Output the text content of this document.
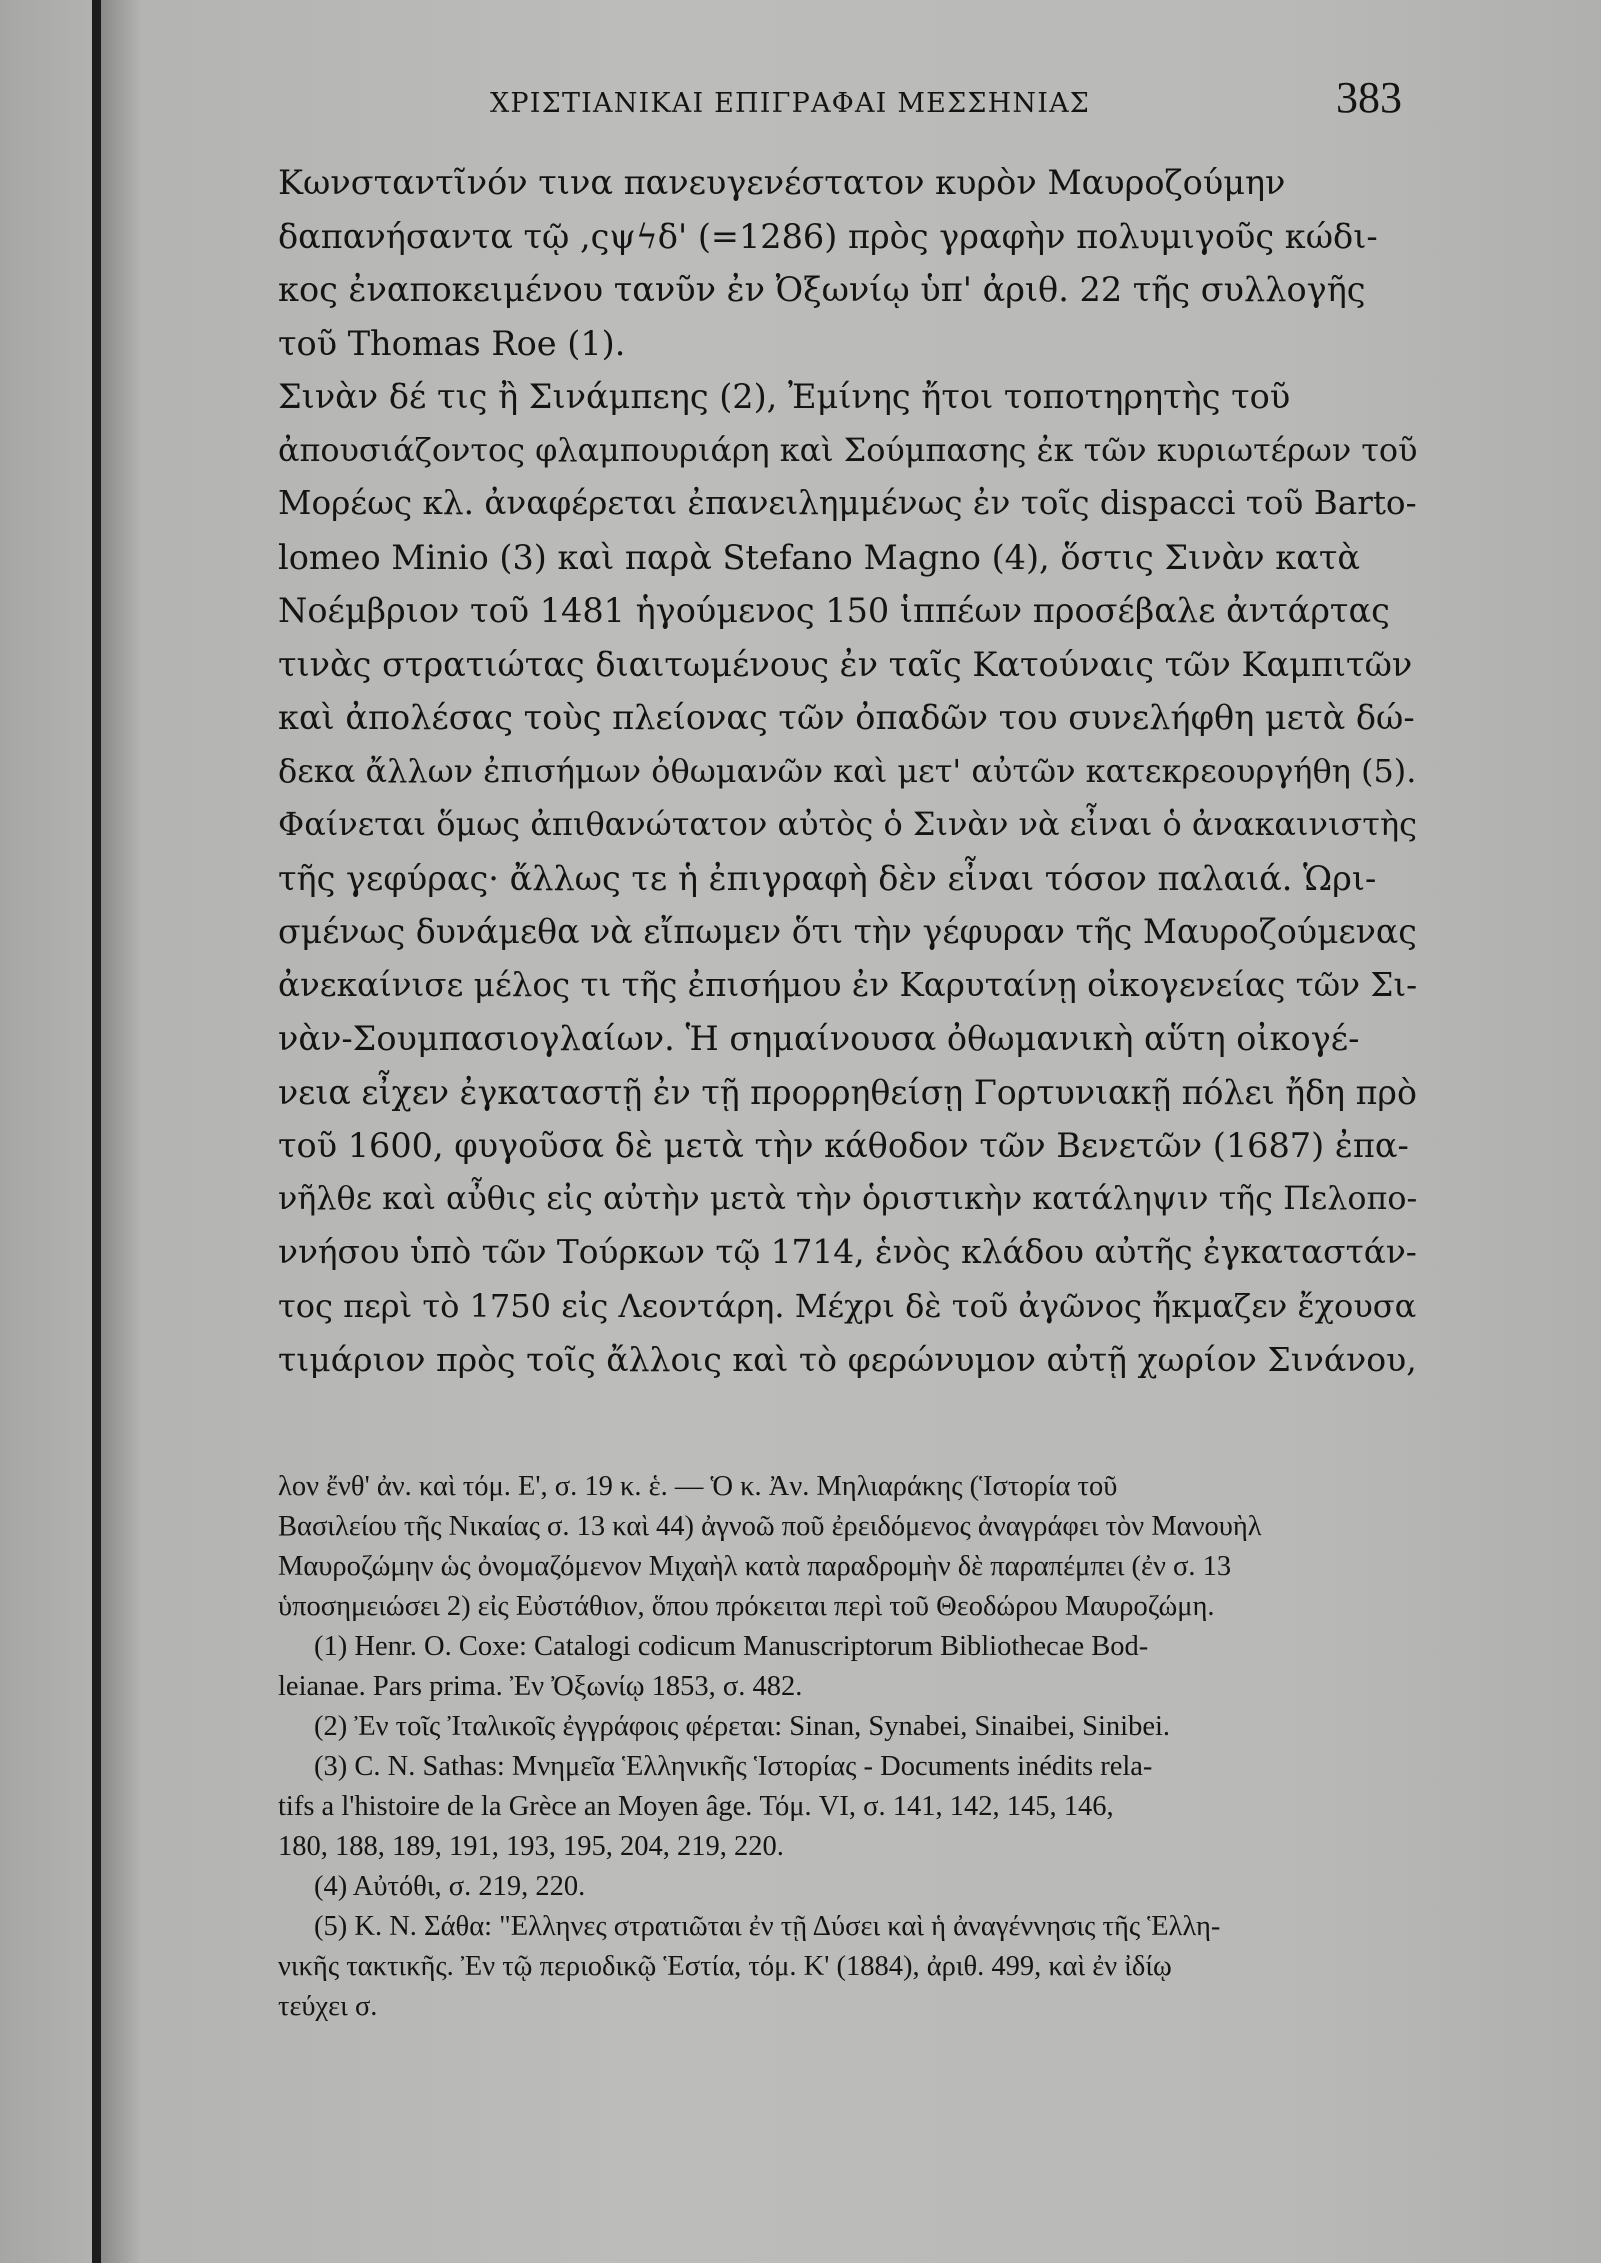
ΧΡΙΣΤΙΑΝΙΚΑΙ ΕΠΙΓΡΑΦΑΙ ΜΕΣΣΗΝΙΑΣ	383
Κωνσταντῖνόν τινα πανευγενέστατον κυρὸν Μαυροζούμην
δαπανήσαντα τῷ ,ςψϟδ' (=1286) πρὸς γραφὴν πολυμιγοῦς κώδι-
κος ἐναποκειμένου τανῦν ἐν Ὀξωνίῳ ὑπ' ἀριθ. 22 τῆς συλλογῆς
τοῦ Thomas Roe (1).
Σινὰν δέ τις ἢ Σινάμπεης (2), Ἐμίνης ἤτοι τοποτηρητὴς τοῦ
ἀπουσιάζοντος φλαμπουριάρη καὶ Σούμπασης ἐκ τῶν κυριωτέρων τοῦ
Μορέως κλ. ἀναφέρεται ἐπανειλημμένως ἐν τοῖς dispacci τοῦ Barto-
lomeo Minio (3) καὶ παρὰ Stefano Magno (4), ὅστις Σινὰν κατὰ
Νοέμβριον τοῦ 1481 ἡγούμενος 150 ἱππέων προσέβαλε ἀντάρτας
τινὰς στρατιώτας διαιτωμένους ἐν ταῖς Κατούναις τῶν Καμπιτῶν
καὶ ἀπολέσας τοὺς πλείονας τῶν ὀπαδῶν του συνελήφθη μετὰ δώ-
δεκα ἄλλων ἐπισήμων ὀθωμανῶν καὶ μετ' αὐτῶν κατεκρεουργήθη (5).
Φαίνεται ὅμως ἀπιθανώτατον αὐτὸς ὁ Σινὰν νὰ εἶναι ὁ ἀνακαινιστὴς
τῆς γεφύρας· ἄλλως τε ἡ ἐπιγραφὴ δὲν εἶναι τόσον παλαιά. Ὡρι-
σμένως δυνάμεθα νὰ εἴπωμεν ὅτι τὴν γέφυραν τῆς Μαυροζούμενας
ἀνεκαίνισε μέλος τι τῆς ἐπισήμου ἐν Καρυταίνῃ οἰκογενείας τῶν Σι-
νὰν-Σουμπασιογλαίων. Ἡ σημαίνουσα ὀθωμανικὴ αὕτη οἰκογέ-
νεια εἶχεν ἐγκαταστῇ ἐν τῇ προρρηθείσῃ Γορτυνιακῇ πόλει ἤδη πρὸ
τοῦ 1600, φυγοῦσα δὲ μετὰ τὴν κάθοδον τῶν Βενετῶν (1687) ἐπα-
νῆλθε καὶ αὖθις εἰς αὐτὴν μετὰ τὴν ὁριστικὴν κατάληψιν τῆς Πελοπο-
ννήσου ὑπὸ τῶν Τούρκων τῷ 1714, ἑνὸς κλάδου αὐτῆς ἐγκαταστάν-
τος περὶ τὸ 1750 εἰς Λεοντάρη. Μέχρι δὲ τοῦ ἀγῶνος ἤκμαζεν ἔχουσα
τιμάριον πρὸς τοῖς ἄλλοις καὶ τὸ φερώνυμον αὐτῇ χωρίον Σινάνου,
λον ἔνθ' ἀν. καὶ τόμ. Ε', σ. 19 κ. ἑ. — Ὁ κ. Ἀν. Μηλιαράκης (Ἱστορία τοῦ
Βασιλείου τῆς Νικαίας σ. 13 καὶ 44) ἀγνοῶ ποῦ ἐρειδόμενος ἀναγράφει τὸν Μανουὴλ
Μαυροζώμην ὡς ὀνομαζόμενον Μιχαὴλ κατὰ παραδρομὴν δὲ παραπέμπει (ἐν σ. 13
ὑποσημειώσει 2) εἰς Εὐστάθιον, ὅπου πρόκειται περὶ τοῦ Θεοδώρου Μαυροζώμη.
(1) Henr. O. Coxe: Catalogi codicum Manuscriptorum Bibliothecae Bod-
leianae. Pars prima. Ἐν Ὀξωνίῳ 1853, σ. 482.
(2) Ἐν τοῖς Ἰταλικοῖς ἐγγράφοις φέρεται: Sinan, Synabei, Sinaibei, Sinibei.
(3) C. N. Sathas: Μνημεῖα Ἑλληνικῆς Ἱστορίας - Documents inédits rela-
tifs a l'histoire de la Grèce an Moyen âge. Τόμ. VI, σ. 141, 142, 145, 146,
180, 188, 189, 191, 193, 195, 204, 219, 220.
(4) Αὐτόθι, σ. 219, 220.
(5) Κ. Ν. Σάθα: "Ελληνες στρατιῶται ἐν τῇ Δύσει καὶ ἡ ἀναγέννησις τῆς Ἑλλη-
νικῆς τακτικῆς. Ἐν τῷ περιοδικῷ Ἑστία, τόμ. Κ' (1884), ἀριθ. 499, καὶ ἐν ἰδίῳ
τεύχει σ.
